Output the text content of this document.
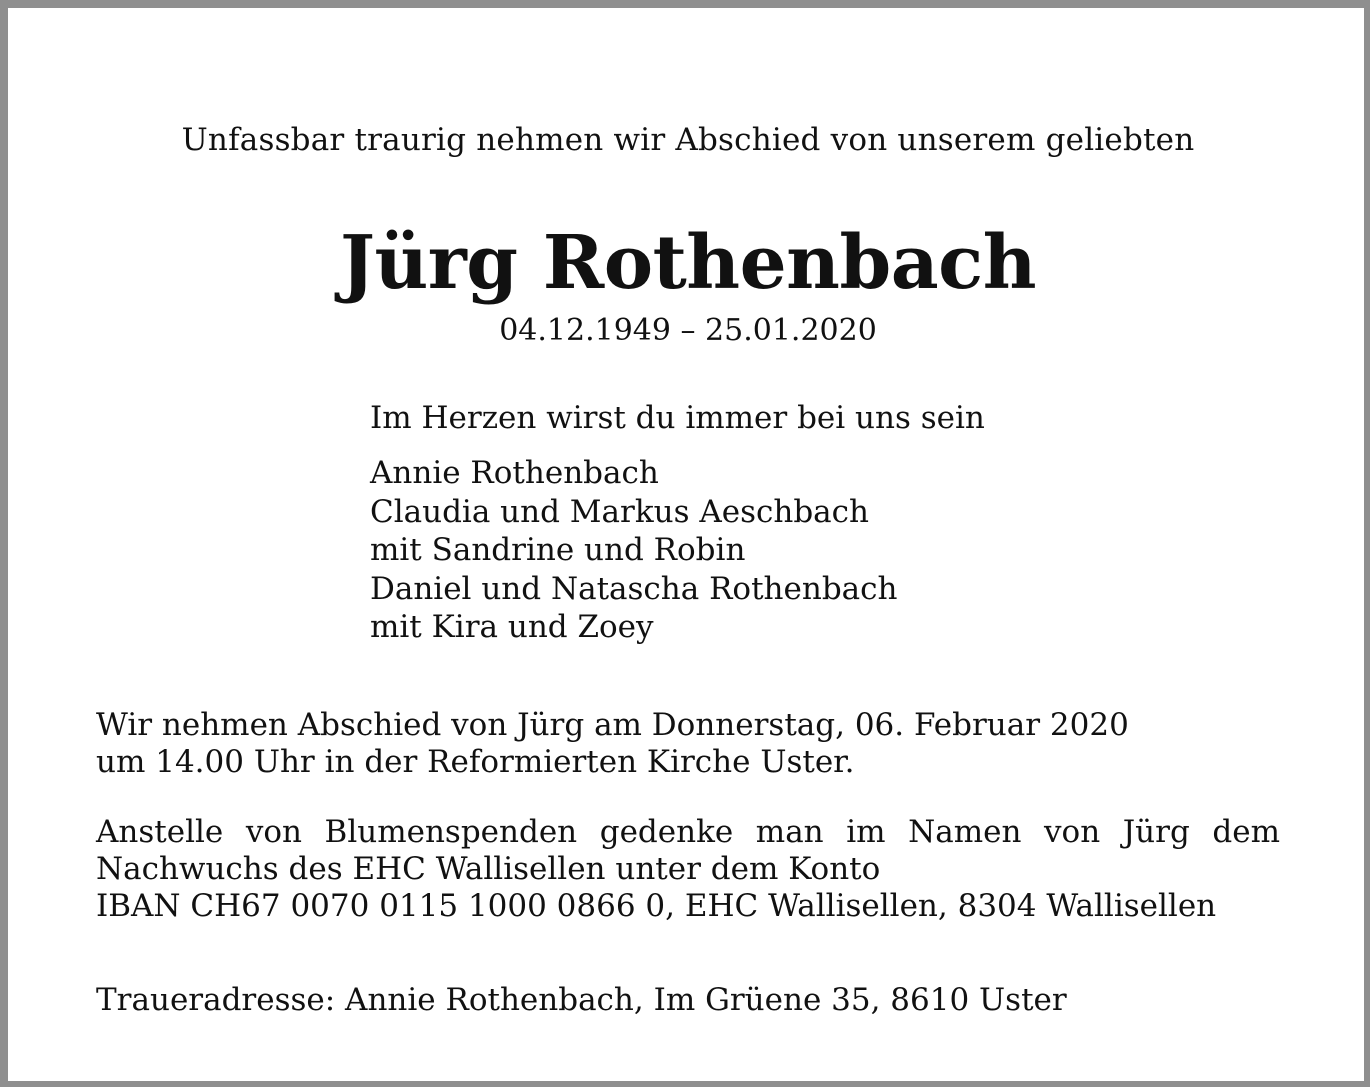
Unfassbar traurig nehmen wir Abschied von unserem geliebten

Jürg Rothenbach

04.12.1949 – 25.01.2020

Im Herzen wirst du immer bei uns sein

Annie Rothenbach
Claudia und Markus Aeschbach
mit Sandrine und Robin
Daniel und Natascha Rothenbach
mit Kira und Zoey

Wir nehmen Abschied von Jürg am Donnerstag, 06. Februar 2020
um 14.00 Uhr in der Reformierten Kirche Uster.

Anstelle von Blumenspenden gedenke man im Namen von Jürg dem
Nachwuchs des EHC Wallisellen unter dem Konto
IBAN CH67 0070 0115 1000 0866 0, EHC Wallisellen, 8304 Wallisellen

Traueradresse: Annie Rothenbach, Im Grüene 35, 8610 Uster
